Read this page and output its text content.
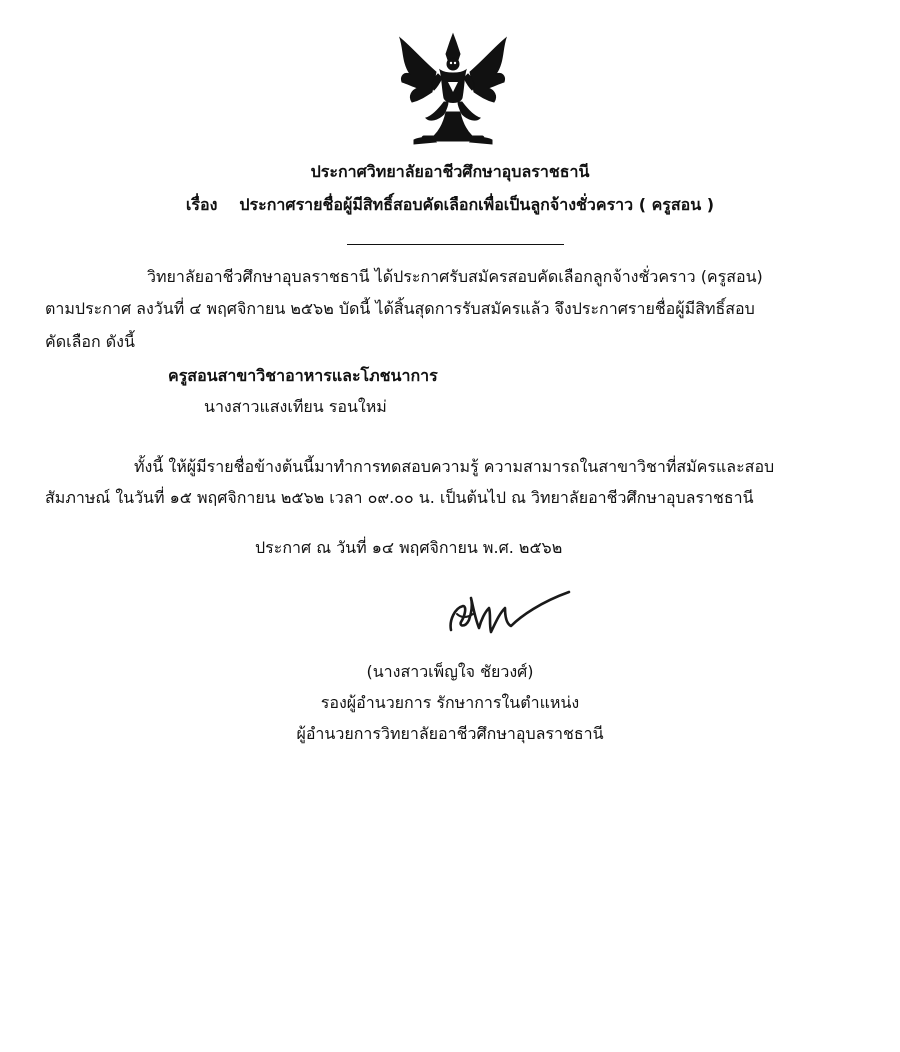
ประกาศวิทยาลัยอาชีวศึกษาอุบลราชธานี
เรื่อง ประกาศรายชื่อผู้มีสิทธิ์สอบคัดเลือกเพื่อเป็นลูกจ้างชั่วคราว ( ครูสอน )
วิทยาลัยอาชีวศึกษาอุบลราชธานี ได้ประกาศรับสมัครสอบคัดเลือกลูกจ้างชั่วคราว (ครูสอน)
ตามประกาศ ลงวันที่ ๔ พฤศจิกายน ๒๕๖๒ บัดนี้ ได้สิ้นสุดการรับสมัครแล้ว จึงประกาศรายชื่อผู้มีสิทธิ์สอบ
คัดเลือก ดังนี้
ครูสอนสาขาวิชาอาหารและโภชนาการ
นางสาวแสงเทียน รอนใหม่
ทั้งนี้ ให้ผู้มีรายชื่อข้างต้นนี้มาทำการทดสอบความรู้ ความสามารถในสาขาวิชาที่สมัครและสอบ
สัมภาษณ์ ในวันที่ ๑๕ พฤศจิกายน ๒๕๖๒ เวลา ๐๙.๐๐ น. เป็นต้นไป ณ วิทยาลัยอาชีวศึกษาอุบลราชธานี
ประกาศ ณ วันที่ ๑๔ พฤศจิกายน พ.ศ. ๒๕๖๒
(นางสาวเพ็ญใจ ชัยวงศ์)
รองผู้อำนวยการ รักษาการในตำแหน่ง
ผู้อำนวยการวิทยาลัยอาชีวศึกษาอุบลราชธานี
